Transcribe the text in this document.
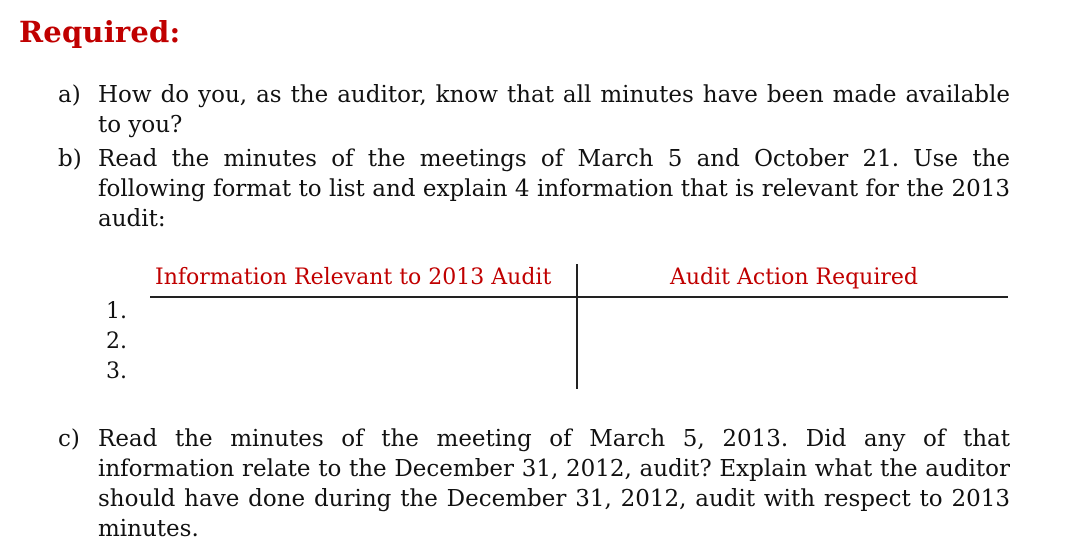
Required:
a) How do you, as the auditor, know that all minutes have been made available to you?
b) Read the minutes of the meetings of March 5 and October 21. Use the following format to list and explain 4 information that is relevant for the 2013 audit:
Information Relevant to 2013 Audit	Audit Action Required
1.
2.
3.
c) Read the minutes of the meeting of March 5, 2013. Did any of that information relate to the December 31, 2012, audit? Explain what the auditor should have done during the December 31, 2012, audit with respect to 2013 minutes.
